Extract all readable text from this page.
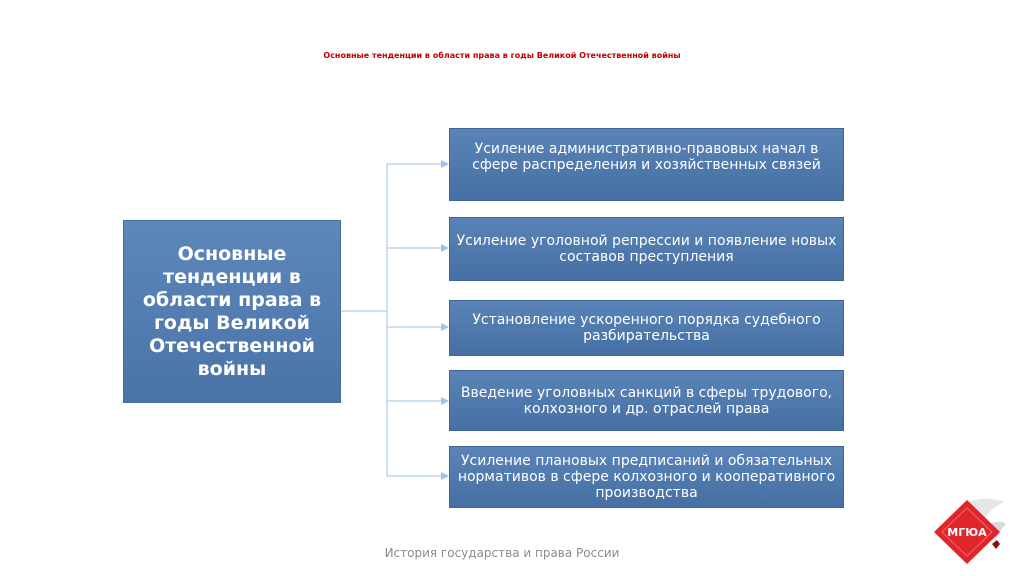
Основные тенденции в области права в годы Великой Отечественной войны
Основные тенденции в области права в годы Великой Отечественной войны
Усиление административно-правовых начал в сфере распределения и хозяйственных связей
Усиление уголовной репрессии и появление новых составов преступления
Установление ускоренного порядка судебного разбирательства
Введение уголовных санкций в сферы трудового, колхозного и др. отраслей права
Усиление плановых предписаний и обязательных нормативов в сфере колхозного и кооперативного производства
История государства и права России
МГЮА
